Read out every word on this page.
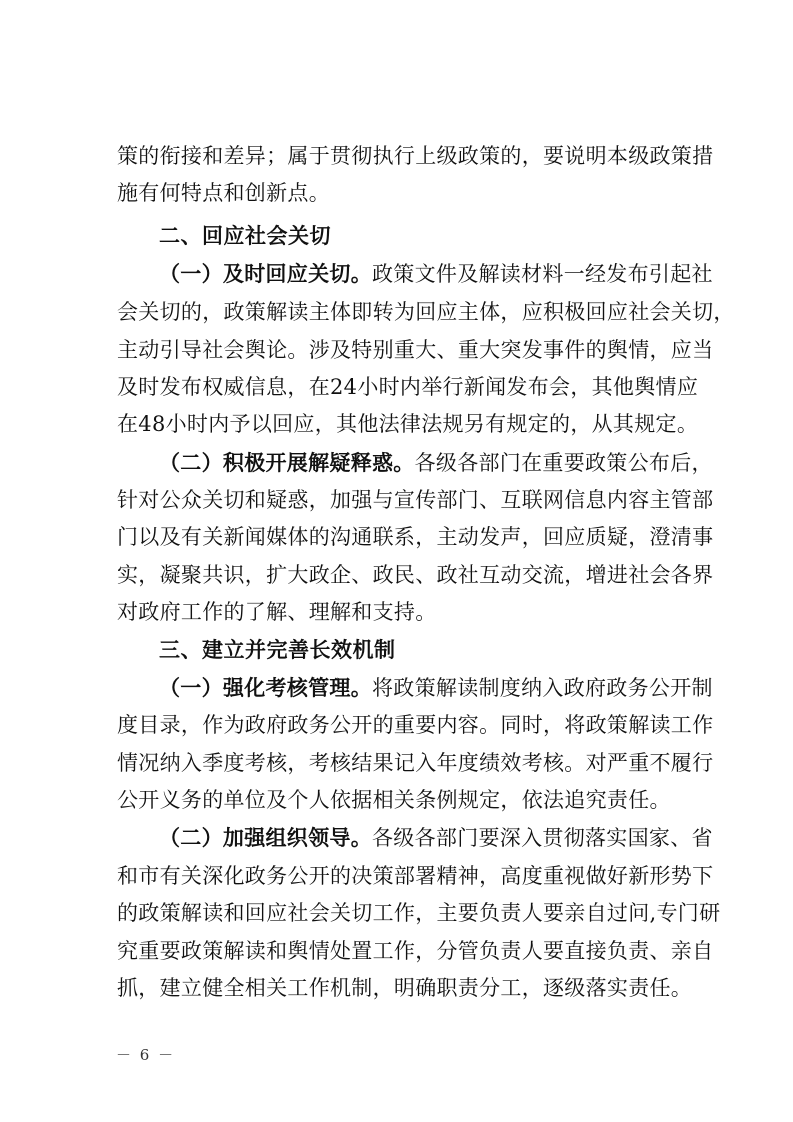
策的衔接和差异；属于贯彻执行上级政策的，要说明本级政策措
施有何特点和创新点。
二、回应社会关切
（一）及时回应关切。政策文件及解读材料一经发布引起社
会关切的，政策解读主体即转为回应主体，应积极回应社会关切，
主动引导社会舆论。涉及特别重大、重大突发事件的舆情，应当
及时发布权威信息，在24小时内举行新闻发布会，其他舆情应
在48小时内予以回应，其他法律法规另有规定的，从其规定。
（二）积极开展解疑释惑。各级各部门在重要政策公布后，
针对公众关切和疑惑，加强与宣传部门、互联网信息内容主管部
门以及有关新闻媒体的沟通联系，主动发声，回应质疑，澄清事
实，凝聚共识，扩大政企、政民、政社互动交流，增进社会各界
对政府工作的了解、理解和支持。
三、建立并完善长效机制
（一）强化考核管理。将政策解读制度纳入政府政务公开制
度目录，作为政府政务公开的重要内容。同时，将政策解读工作
情况纳入季度考核，考核结果记入年度绩效考核。对严重不履行
公开义务的单位及个人依据相关条例规定，依法追究责任。
（二）加强组织领导。各级各部门要深入贯彻落实国家、省
和市有关深化政务公开的决策部署精神，高度重视做好新形势下
的政策解读和回应社会关切工作，主要负责人要亲自过问,专门研
究重要政策解读和舆情处置工作，分管负责人要直接负责、亲自
抓，建立健全相关工作机制，明确职责分工，逐级落实责任。
－ 6 －
